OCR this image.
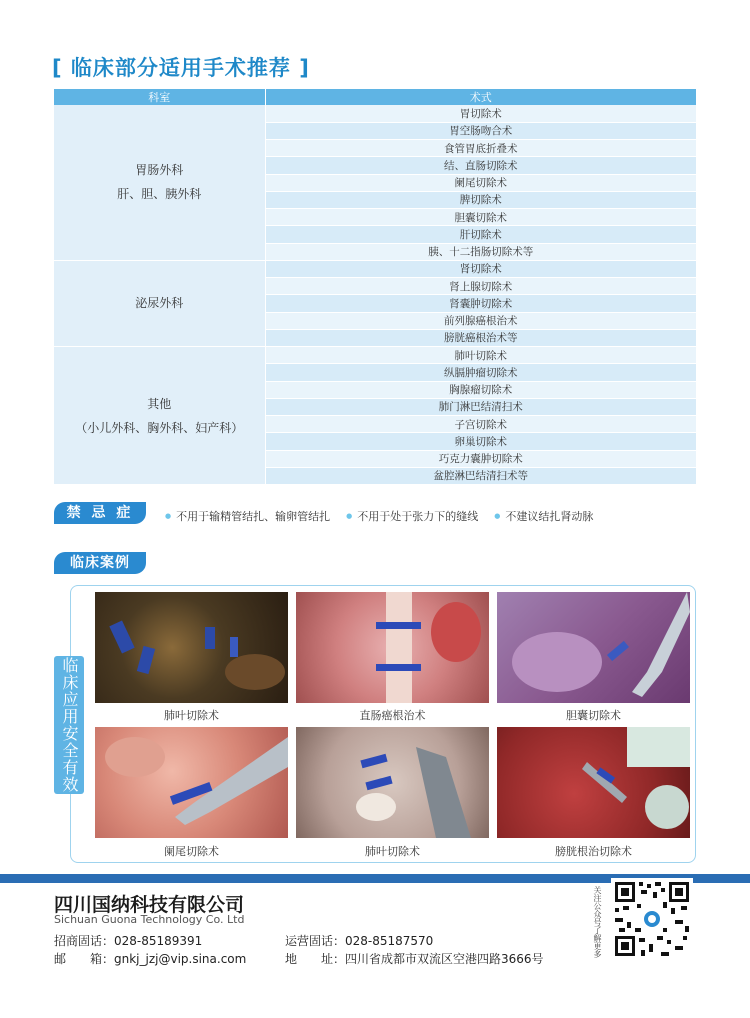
[ 临床部分适用手术推荐 ]
科室	术式

胃肠外科
肝、胆、胰外科	胃切除术
	胃空肠吻合术
	食管胃底折叠术
	结、直肠切除术
	阑尾切除术
	脾切除术
	胆囊切除术
	肝切除术
	胰、十二指肠切除术等

泌尿外科	肾切除术
	肾上腺切除术
	肾囊肿切除术
	前列腺癌根治术
	膀胱癌根治术等

其他
（小儿外科、胸外科、妇产科）	肺叶切除术
	纵膈肿瘤切除术
	胸腺瘤切除术
	肺门淋巴结清扫术
	子宫切除术
	卵巢切除术
	巧克力囊肿切除术
	盆腔淋巴结清扫术等
禁 忌 症	● 不用于输精管结扎、输卵管结扎	● 不用于处于张力下的缝线	● 不建议结扎肾动脉
临床案例
临床应用安全有效	肺叶切除术	直肠癌根治术	胆囊切除术
阑尾切除术	肺叶切除术	膀胱根治切除术
四川国纳科技有限公司
Sichuan Guona Technology Co. Ltd
招商固话：028-85189391	运营固话：028-85187570
邮　　箱：gnkj_jzj@vip.sina.com	地　　址：四川省成都市双流区空港四路3666号
关注公众号了解更多
